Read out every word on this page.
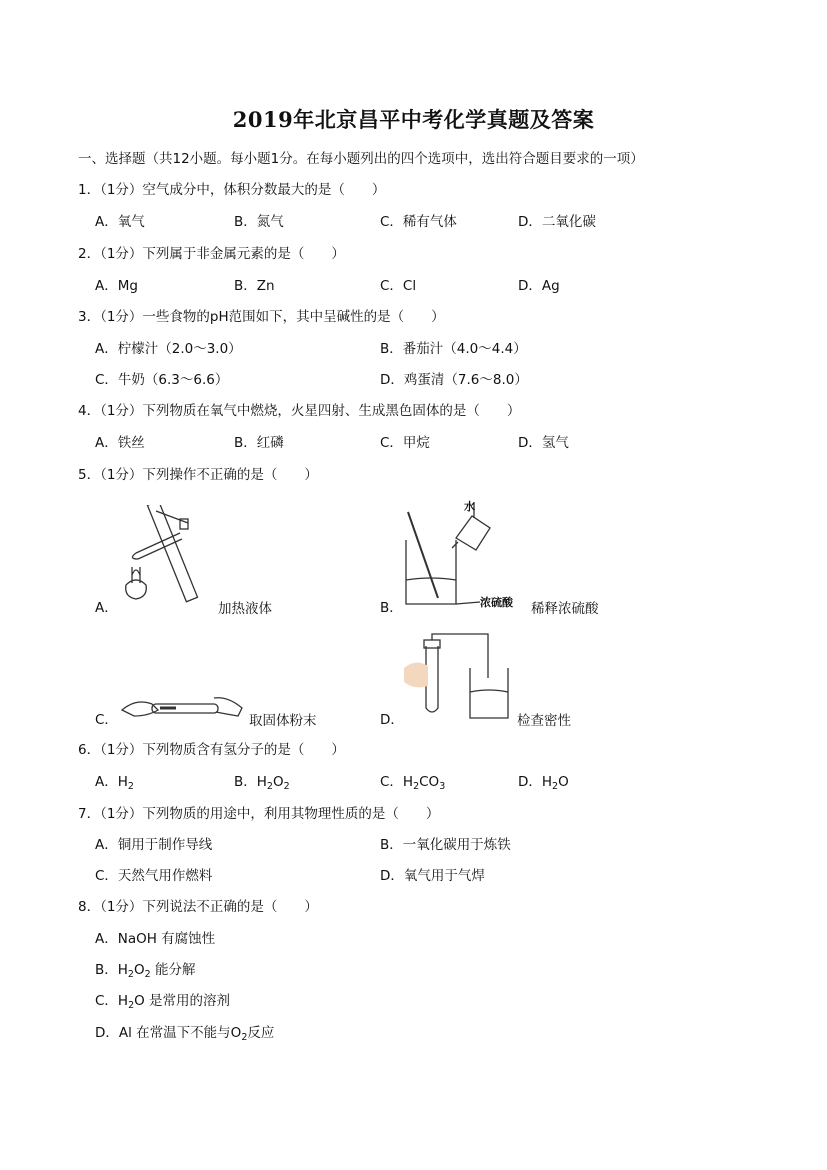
2019年北京昌平中考化学真题及答案
一、选择题（共12小题。每小题1分。在每小题列出的四个选项中，选出符合题目要求的一项）
1．（1分）空气成分中，体积分数最大的是（　　）
A．氧气	B．氮气	C．稀有气体	D．二氧化碳
2．（1分）下列属于非金属元素的是（　　）
A．Mg	B．Zn	C．Cl	D．Ag
3．（1分）一些食物的pH范围如下，其中呈碱性的是（　　）
A．柠檬汁（2.0～3.0）	B．番茄汁（4.0～4.4）
C．牛奶（6.3～6.6）	D．鸡蛋清（7.6～8.0）
4．（1分）下列物质在氧气中燃烧，火星四射、生成黑色固体的是（　　）
A．铁丝	B．红磷	C．甲烷	D．氢气
5．（1分）下列操作不正确的是（　　）
A．	加热液体
水
浓硫酸
B．	稀释浓硫酸
C．	取固体粉末	D．	检查密性
6．（1分）下列物质含有氢分子的是（　　）
A．$H_2$	B．$H_2O_2$	C．$H_2CO_3$	D．$H_2O$
7．（1分）下列物质的用途中，利用其物理性质的是（　　）
A．铜用于制作导线	B．一氧化碳用于炼铁
C．天然气用作燃料	D．氧气用于气焊
8．（1分）下列说法不正确的是（　　）
A．NaOH 有腐蚀性
B．$H_2O_2$ 能分解
C．$H_2O$ 是常用的溶剂
D．Al 在常温下不能与$O_2$反应
